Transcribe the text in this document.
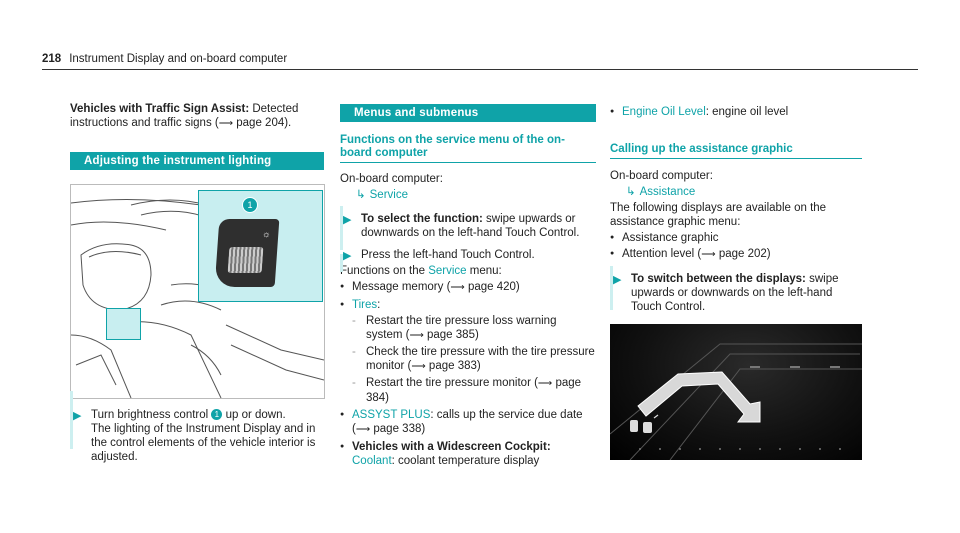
218 Instrument Display and on-board computer

Vehicles with Traffic Sign Assist: Detected instructions and traffic signs (⟶ page 204).

Adjusting the instrument lighting
☼
1
▶ Turn brightness control 1 up or down.
The lighting of the Instrument Display and in the control elements of the vehicle interior is adjusted.
Menus and submenus
Functions on the service menu of the on-board computer

On-board computer:

↳ Service

▶ To select the function: swipe upwards or downwards on the left-hand Touch Control.
▶ Press the left-hand Touch Control.

Functions on the Service menu:

● Message memory (⟶ page 420)
● Tires:
- Restart the tire pressure loss warning system (⟶ page 385)
- Check the tire pressure with the tire pressure monitor (⟶ page 383)
- Restart the tire pressure monitor (⟶ page 384)
● ASSYST PLUS: calls up the service due date (⟶ page 338)
● Vehicles with a Widescreen Cockpit: Coolant: coolant temperature display
● Engine Oil Level: engine oil level
Calling up the assistance graphic

On-board computer:

↳ Assistance

The following displays are available on the assistance graphic menu:

● Assistance graphic
● Attention level (⟶ page 202)
▶ To switch between the displays: swipe upwards or downwards on the left-hand Touch Control.
